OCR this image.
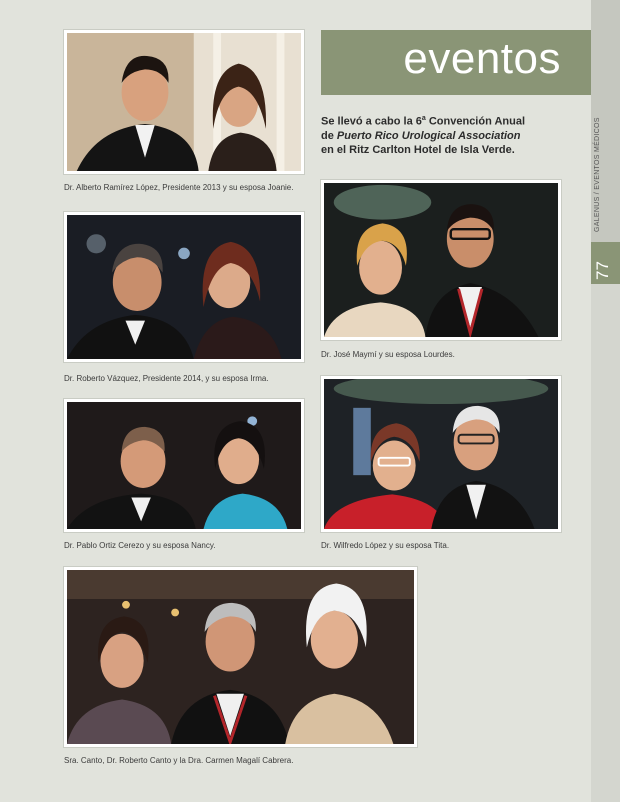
GALENUS / EVENTOS MÉDICOS
77
eventos
Se llevó a cabo la 6$^a$ Convención Anual
de Puerto Rico Urological Association
en el Ritz Carlton Hotel de Isla Verde.
Dr. Alberto Ramírez López, Presidente 2013 y su esposa Joanie.
Dr. Roberto Vázquez, Presidente 2014, y su esposa Irma.
Dr. José Maymí y su esposa Lourdes.
Dr. Pablo Ortiz Cerezo y su esposa Nancy.	Dr. Wilfredo López y su esposa Tita.
Sra. Canto, Dr. Roberto Canto y la Dra. Carmen Magalí Cabrera.
